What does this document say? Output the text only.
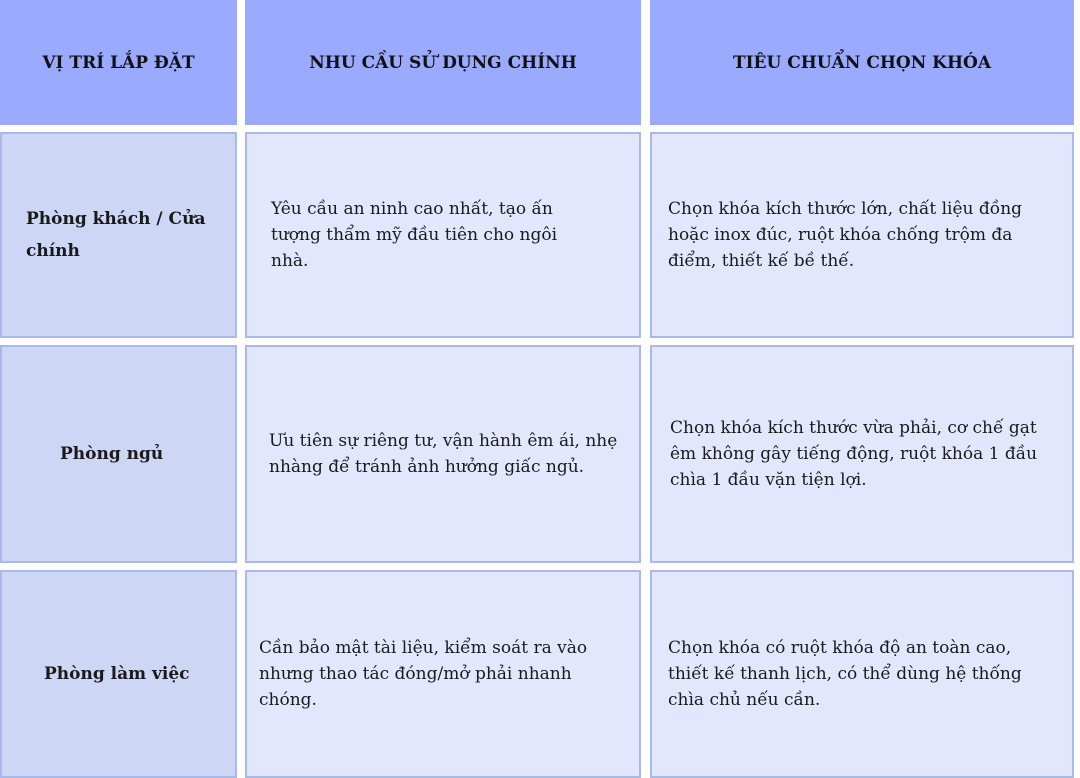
VỊ TRÍ LẮP ĐẶT	NHU CẦU SỬ DỤNG CHÍNH	TIÊU CHUẨN CHỌN KHÓA
Phòng khách / Cửa chính
Yêu cầu an ninh cao nhất, tạo ấn tượng thẩm mỹ đầu tiên cho ngôi nhà.
Chọn khóa kích thước lớn, chất liệu đồng hoặc inox đúc, ruột khóa chống trộm đa điểm, thiết kế bề thế.
Phòng ngủ
Ưu tiên sự riêng tư, vận hành êm ái, nhẹ nhàng để tránh ảnh hưởng giấc ngủ.
Chọn khóa kích thước vừa phải, cơ chế gạt êm không gây tiếng động, ruột khóa 1 đầu chìa 1 đầu vặn tiện lợi.
Phòng làm việc
Cần bảo mật tài liệu, kiểm soát ra vào nhưng thao tác đóng/mở phải nhanh chóng.
Chọn khóa có ruột khóa độ an toàn cao, thiết kế thanh lịch, có thể dùng hệ thống chìa chủ nếu cần.
